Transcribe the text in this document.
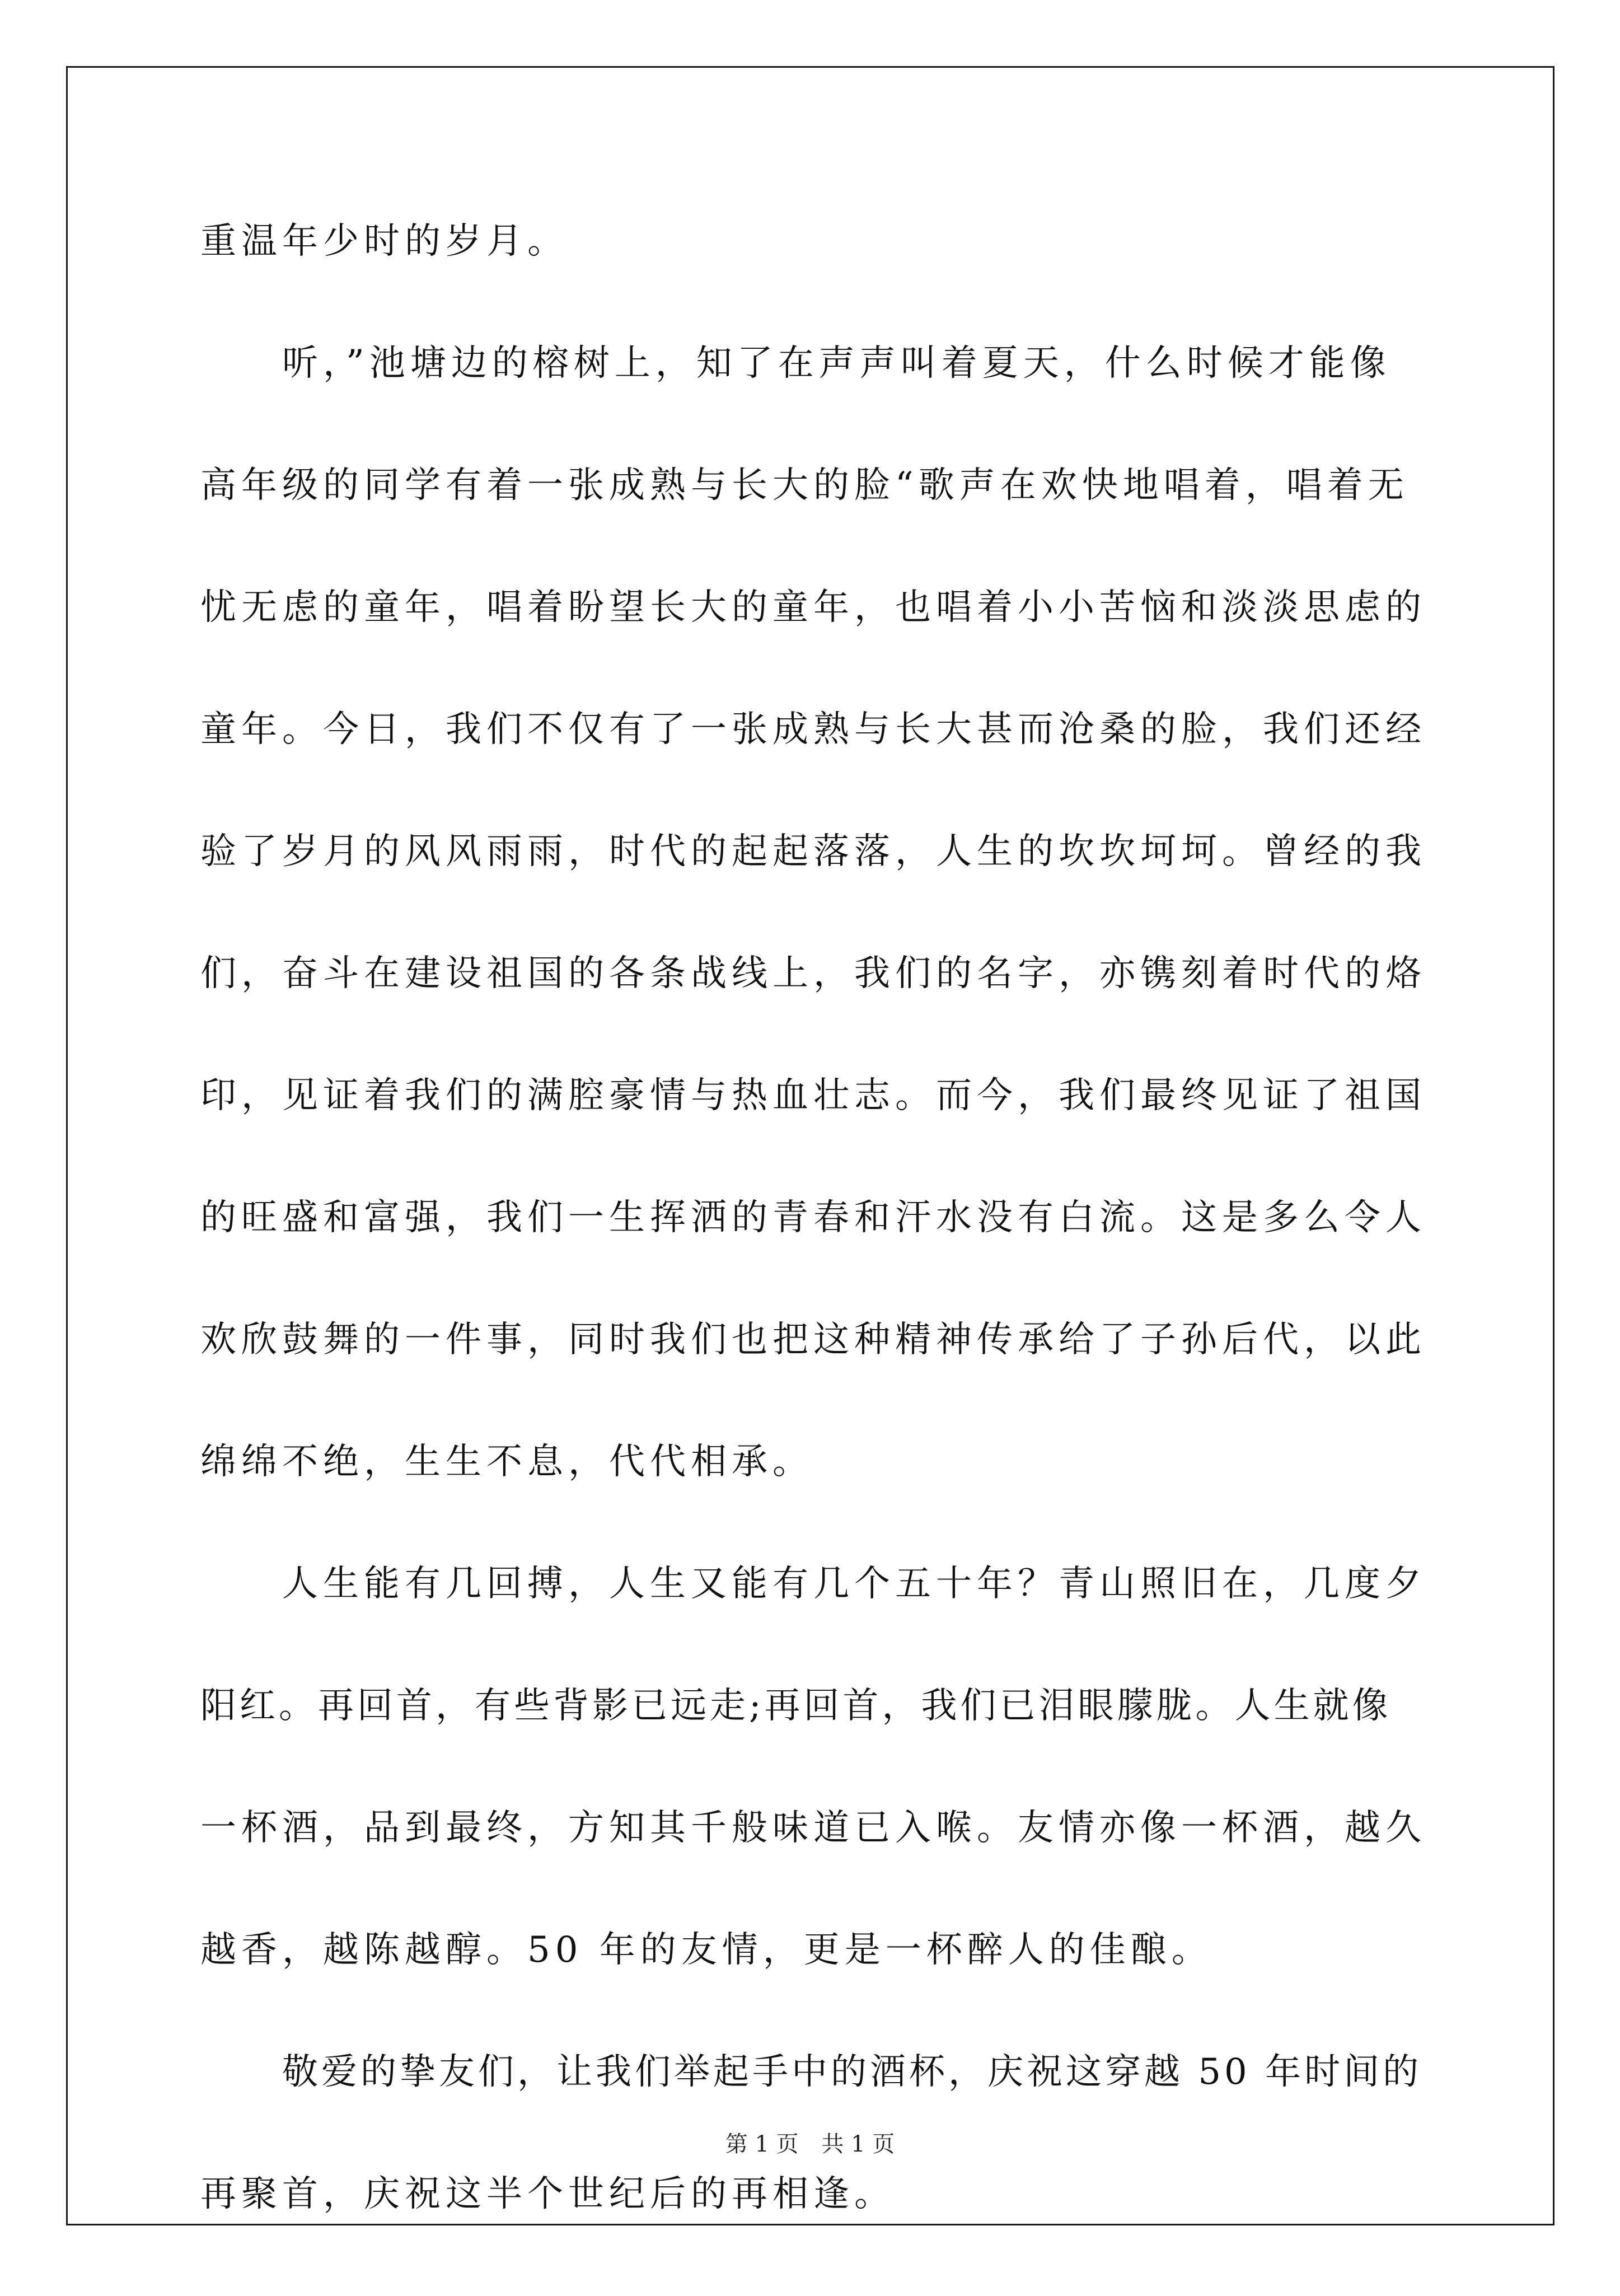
重温年少时的岁月。
听，”池塘边的榕树上，知了在声声叫着夏天，什么时候才能像
高年级的同学有着一张成熟与长大的脸“歌声在欢快地唱着，唱着无
忧无虑的童年，唱着盼望长大的童年，也唱着小小苦恼和淡淡思虑的
童年。今日，我们不仅有了一张成熟与长大甚而沧桑的脸，我们还经
验了岁月的风风雨雨，时代的起起落落，人生的坎坎坷坷。曾经的我
们，奋斗在建设祖国的各条战线上，我们的名字，亦镌刻着时代的烙
印，见证着我们的满腔豪情与热血壮志。而今，我们最终见证了祖国
的旺盛和富强，我们一生挥洒的青春和汗水没有白流。这是多么令人
欢欣鼓舞的一件事，同时我们也把这种精神传承给了子孙后代，以此
绵绵不绝，生生不息，代代相承。
人生能有几回搏，人生又能有几个五十年？青山照旧在，几度夕
阳红。再回首，有些背影已远走;再回首，我们已泪眼朦胧。人生就像
一杯酒，品到最终，方知其千般味道已入喉。友情亦像一杯酒，越久
越香，越陈越醇。50 年的友情，更是一杯醉人的佳酿。
敬爱的挚友们，让我们举起手中的酒杯，庆祝这穿越 50 年时间的
再聚首，庆祝这半个世纪后的再相逢。
第 1 页 共 1 页
